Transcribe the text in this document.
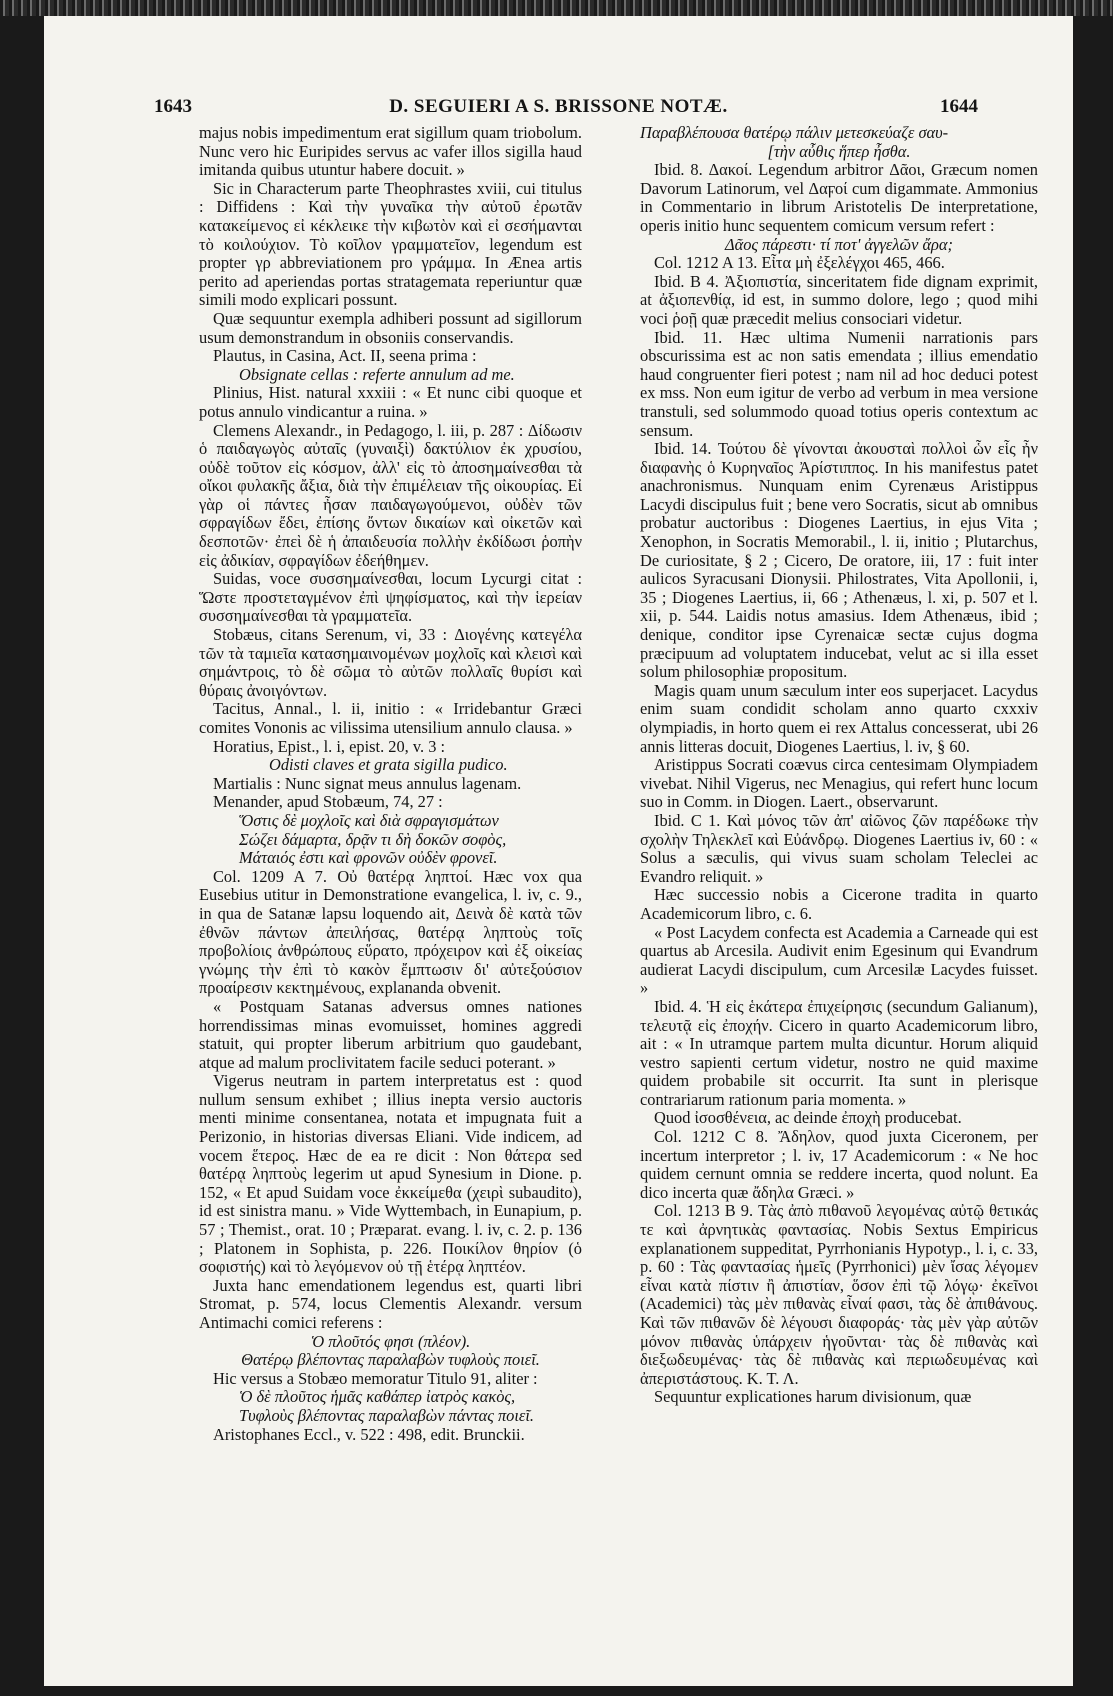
1643	D. SEGUIERI A S. BRISSONE NOTÆ.	1644

majus nobis impedimentum erat sigillum quam triobolum. Nunc vero hic Euripides servus ac vafer illos sigilla haud imitanda quibus utuntur habere docuit. »

Sic in Characterum parte Theophrastes xviii, cui titulus : Diffidens : Καὶ τὴν γυναῖκα τὴν αὐτοῦ ἐρωτᾶν κατακείμενος εἰ κέκλεικε τὴν κιβωτὸν καὶ εἰ σεσήμανται τὸ κοιλούχιον. Τὸ κοῖλον γραμματεῖον, legendum est propter γρ abbreviationem pro γράμμα. In Æneа artis perito ad aperiendas portas stratagemata reperiuntur quæ simili modo explicari possunt.

Quæ sequuntur exempla adhiberi possunt ad sigillorum usum demonstrandum in obsoniis conservandis.

Plautus, in Casina, Act. II, seena prima :

Obsignate cellas : referte annulum ad me.

Plinius, Hist. natural xxxiii : « Et nunc cibi quoque et potus annulo vindicantur a ruina. »

Clemens Alexandr., in Pedagogo, l. iii, p. 287 : Δίδωσιν ὁ παιδαγωγὸς αὐταῖς (γυναιξὶ) δακτύλιον ἐκ χρυσίου, οὐδὲ τοῦτον εἰς κόσμον, ἀλλ' εἰς τὸ ἀποσημαίνεσθαι τὰ οἴκοι φυλακῆς ἄξια, διὰ τὴν ἐπιμέλειαν τῆς οἰκουρίας. Εἰ γὰρ οἱ πάντες ἦσαν παιδαγωγούμενοι, οὐδὲν τῶν σφραγίδων ἔδει, ἐπίσης ὄντων δικαίων καὶ οἰκετῶν καὶ δεσποτῶν· ἐπεὶ δὲ ἡ ἀπαιδευσία πολλὴν ἐκδίδωσι ῥοπὴν εἰς ἀδικίαν, σφραγίδων ἐδεήθημεν.

Suidas, voce συσσημαίνεσθαι, locum Lycurgi citat : Ὥστε προστεταγμένον ἐπὶ ψηφίσματος, καὶ τὴν ἱερείαν συσσημαίνεσθαι τὰ γραμματεῖα.

Stobæus, citans Serenum, vi, 33 : Διογένης κατεγέλα τῶν τὰ ταμιεῖα κατασημαινομένων μοχλοῖς καὶ κλεισὶ καὶ σημάντροις, τὸ δὲ σῶμα τὸ αὐτῶν πολλαῖς θυρίσι καὶ θύραις ἀνοιγόντων.

Tacitus, Annal., l. ii, initio : « Irridebantur Græci comites Vononis ac vilissima utensilium annulo clausa. »

Horatius, Epist., l. i, epist. 20, v. 3 :

Odisti claves et grata sigilla pudico.

Martialis : Nunc signat meus annulus lagenam.

Menander, apud Stobæum, 74, 27 :

Ὅστις δὲ μοχλοῖς καὶ διὰ σφραγισμάτων

Σώζει δάμαρτα, δρᾷν τι δὴ δοκῶν σοφὸς,

Μάταιός ἐστι καὶ φρονῶν οὐδὲν φρονεῖ.

Col. 1209 A 7. Οὐ θατέρᾳ ληπτοί. Hæc vox qua Eusebius utitur in Demonstratione evangelica, l. iv, c. 9., in qua de Satanæ lapsu loquendo ait, Δεινὰ δὲ κατὰ τῶν ἐθνῶν πάντων ἀπειλήσας, θατέρᾳ ληπτοὺς τοῖς προβολίοις ἀνθρώπους εὕρατο, πρόχειρον καὶ ἐξ οἰκείας γνώμης τὴν ἐπὶ τὸ κακὸν ἔμπτωσιν δι' αὐτεξούσιον προαίρεσιν κεκτημένους, explananda obvenit.

« Postquam Satanas adversus omnes nationes horrendissimas minas evomuisset, homines aggredi statuit, qui propter liberum arbitrium quo gaudebant, atque ad malum proclivitatem facile seduci poterant. »

Vigerus neutram in partem interpretatus est : quod nullum sensum exhibet ; illius inepta versio auctoris menti minime consentanea, notata et impugnata fuit a Perizonio, in historias diversas Eliani. Vide indicem, ad vocem ἕτερος. Hæc de ea re dicit : Non θάτερα sed θατέρᾳ ληπτοὺς legerim ut apud Synesium in Dione. p. 152, « Et apud Suidam voce ἐκκείμεθα (χειρὶ subaudito), id est sinistra manu. » Vide Wyttembach, in Eunapium, p. 57 ; Themist., orat. 10 ; Præparat. evang. l. iv, c. 2. p. 136 ; Platonem in Sophista, p. 226. Ποικίλον θηρίον (ὁ σοφιστής) καὶ τὸ λεγόμενον οὐ τῇ ἑτέρᾳ ληπτέον.

Juxta hanc emendationem legendus est, quarti libri Stromat, p. 574, locus Clementis Alexandr. versum Antimachi comici referens :

Ὁ πλοῦτός φησι (πλέον).

Θατέρῳ βλέποντας παραλαβὼν τυφλοὺς ποιεῖ.

Hic versus a Stobæo memoratur Titulo 91, aliter :

Ὁ δὲ πλοῦτος ἡμᾶς καθάπερ ἰατρὸς κακὸς,

Τυφλοὺς βλέποντας παραλαβὼν πάντας ποιεῖ.

Aristophanes Eccl., v. 522 : 498, edit. Brunckii.

Παραβλέπουσα θατέρῳ πάλιν μετεσκεύαζε σαυ-

[τὴν αὖθις ἥπερ ἦσθα.

Ibid. 8. Δακοί. Legendum arbitror Δᾶοι, Græcum nomen Davorum Latinorum, vel Δαϝοί cum digammate. Ammonius in Commentario in librum Aristotelis De interpretatione, operis initio hunc sequentem comicum versum refert :

Δᾶος πάρεστι· τί ποτ' ἀγγελῶν ἄρα;

Col. 1212 A 13. Εἶτα μὴ ἐξελέγχοι 465, 466.

Ibid. B 4. Ἀξιοπιστία, sinceritatem fide dignam exprimit, at ἀξιοπενθίᾳ, id est, in summo dolore, lego ; quod mihi voci ῥοῇ quæ præcedit melius consociari videtur.

Ibid. 11. Hæc ultima Numenii narrationis pars obscurissima est ac non satis emendata ; illius emendatio haud congruenter fieri potest ; nam nil ad hoc deduci potest ex mss. Non eum igitur de verbo ad verbum in mea versione transtuli, sed solummodo quoad totius operis contextum ac sensum.

Ibid. 14. Τούτου δὲ γίνονται ἀκουσταὶ πολλοὶ ὧν εἷς ἦν διαφανὴς ὁ Κυρηναῖος Ἀρίστιππος. In his manifestus patet anachronismus. Nunquam enim Cyrenæus Aristippus Lacydi discipulus fuit ; bene vero Socratis, sicut ab omnibus probatur auctoribus : Diogenes Laertius, in ejus Vita ; Xenophon, in Socratis Memorabil., l. ii, initio ; Plutarchus, De curiositate, § 2 ; Cicero, De oratore, iii, 17 : fuit inter aulicos Syracusani Dionysii. Philostrates, Vita Apollonii, i, 35 ; Diogenes Laertius, ii, 66 ; Athenæus, l. xi, p. 507 et l. xii, p. 544. Laidis notus amasius. Idem Athenæus, ibid ; denique, conditor ipse Cyrenaicæ sectæ cujus dogma præcipuum ad voluptatem inducebat, velut ac si illa esset solum philosophiæ propositum.

Magis quam unum sæculum inter eos superjacet. Lacydus enim suam condidit scholam anno quarto cxxxiv olympiadis, in horto quem ei rex Attalus concesserat, ubi 26 annis litteras docuit, Diogenes Laertius, l. iv, § 60.

Aristippus Socrati coævus circa centesimam Olympiadem vivebat. Nihil Vigerus, nec Menagius, qui refert hunc locum suo in Comm. in Diogen. Laert., observarunt.

Ibid. C 1. Καὶ μόνος τῶν ἀπ' αἰῶνος ζῶν παρέδωκε τὴν σχολὴν Τηλεκλεῖ καὶ Εὐάνδρῳ. Diogenes Laertius iv, 60 : « Solus a sæculis, qui vivus suam scholam Teleclei ac Evandro reliquit. »

Hæc successio nobis a Cicerone tradita in quarto Academicorum libro, c. 6.

« Post Lacydem confecta est Academia a Carneade qui est quartus ab Arcesila. Audivit enim Egesinum qui Evandrum audierat Lacydi discipulum, cum Arcesilæ Lacydes fuisset. »

Ibid. 4. Ἡ εἰς ἑκάτερα ἐπιχείρησις (secundum Galianum), τελευτᾷ εἰς ἐποχήν. Cicero in quarto Academicorum libro, ait : « In utramque partem multa dicuntur. Horum aliquid vestro sapienti certum videtur, nostro ne quid maxime quidem probabile sit occurrit. Ita sunt in plerisque contrariarum rationum paria momenta. »

Quod ἰσοσθένεια, ac deinde ἐποχὴ producebat.

Col. 1212 C 8. Ἄδηλον, quod juxta Ciceronem, per incertum interpretor ; l. iv, 17 Academicorum : « Ne hoc quidem cernunt omnia se reddere incerta, quod nolunt. Ea dico incerta quæ ἄδηλα Græci. »

Col. 1213 B 9. Τὰς ἀπὸ πιθανοῦ λεγομένας αὐτῷ θετικάς τε καὶ ἀρνητικὰς φαντασίας. Nobis Sextus Empiricus explanationem suppeditat, Pyrrhonianis Hypotyp., l. i, c. 33, p. 60 : Τὰς φαντασίας ἡμεῖς (Pyrrhonici) μὲν ἴσας λέγομεν εἶναι κατὰ πίστιν ἢ ἀπιστίαν, ὅσον ἐπὶ τῷ λόγῳ· ἐκεῖνοι (Academici) τὰς μὲν πιθανὰς εἶναί φασι, τὰς δὲ ἀπιθάνους. Καὶ τῶν πιθανῶν δὲ λέγουσι διαφοράς· τὰς μὲν γὰρ αὐτῶν μόνον πιθανὰς ὑπάρχειν ἡγοῦνται· τὰς δὲ πιθανὰς καὶ διεξωδευμένας· τὰς δὲ πιθανὰς καὶ περιωδευμένας καὶ ἀπεριστάστους. Κ. Τ. Λ.

Sequuntur explicationes harum divisionum, quæ
